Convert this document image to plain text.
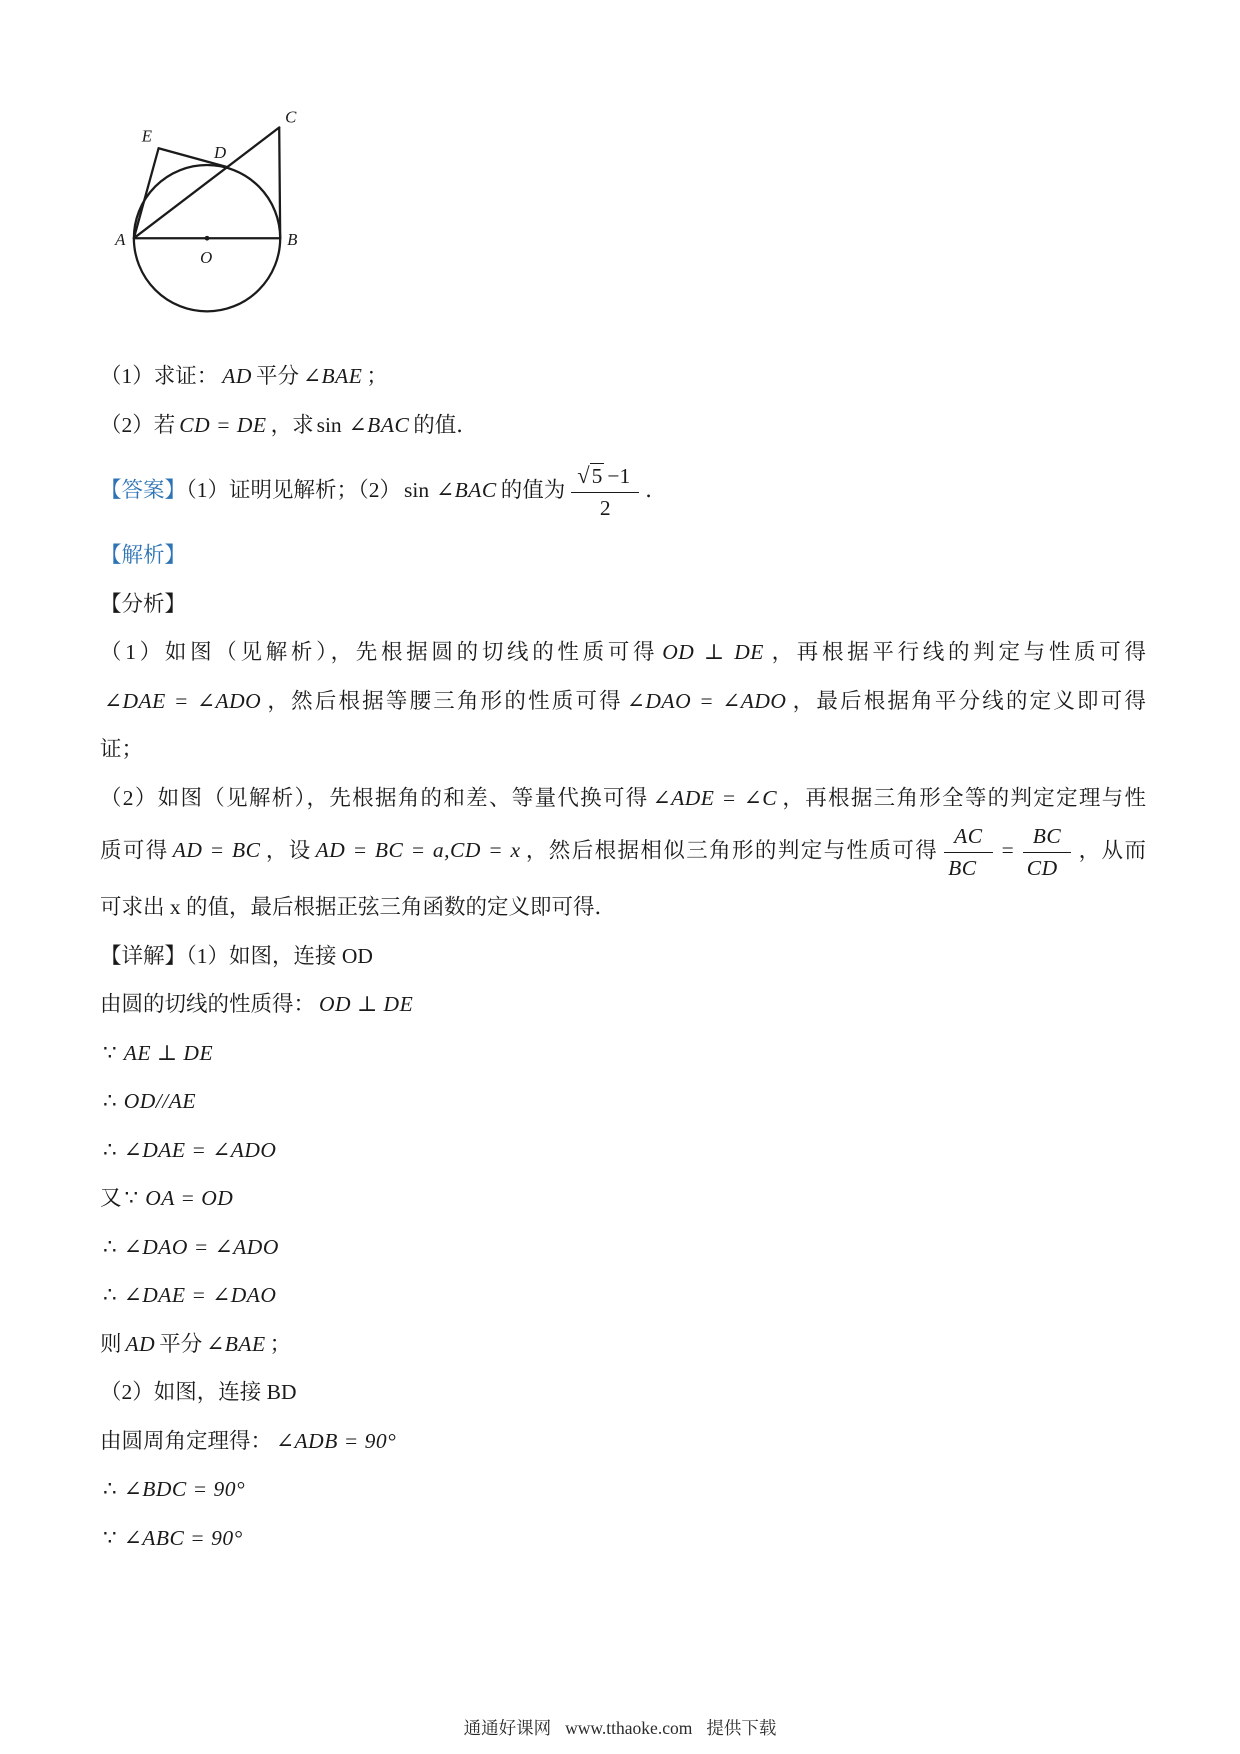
A	B
C
D
E
O
（1）求证： AD 平分 ∠BAE ；
（2）若 CD = DE ，求 sin ∠BAC 的值．
【答案】（1）证明见解析；（2） sin ∠BAC 的值为 $\frac{√5 -1}{2}$ ．
【解析】
【分析】
（1）如图（见解析），先根据圆的切线的性质可得 OD ⊥ DE ，再根据平行线的判定与性质可得
∠DAE = ∠ADO ，然后根据等腰三角形的性质可得 ∠DAO = ∠ADO ，最后根据角平分线的定义即可得
证；
（2）如图（见解析），先根据角的和差、等量代换可得 ∠ADE = ∠C ，再根据三角形全等的判定定理与性
质可得 AD = BC ，设 AD = BC = a,CD = x ，然后根据相似三角形的判定与性质可得 $\frac{AC}{BC} = \frac{BC}{CD}$ ，从而
可求出 x 的值，最后根据正弦三角函数的定义即可得．
【详解】（1）如图，连接 OD
由圆的切线的性质得： OD ⊥ DE
∵ AE ⊥ DE
∴ OD//AE
∴ ∠DAE = ∠ADO
又 ∵ OA = OD
∴ ∠DAO = ∠ADO
∴ ∠DAE = ∠DAO
则 AD 平分 ∠BAE ；
（2）如图，连接 BD
由圆周角定理得： ∠ADB = 90°
∴ ∠BDC = 90°
∵ ∠ABC = 90°
通通好课网 www.tthaoke.com 提供下载
